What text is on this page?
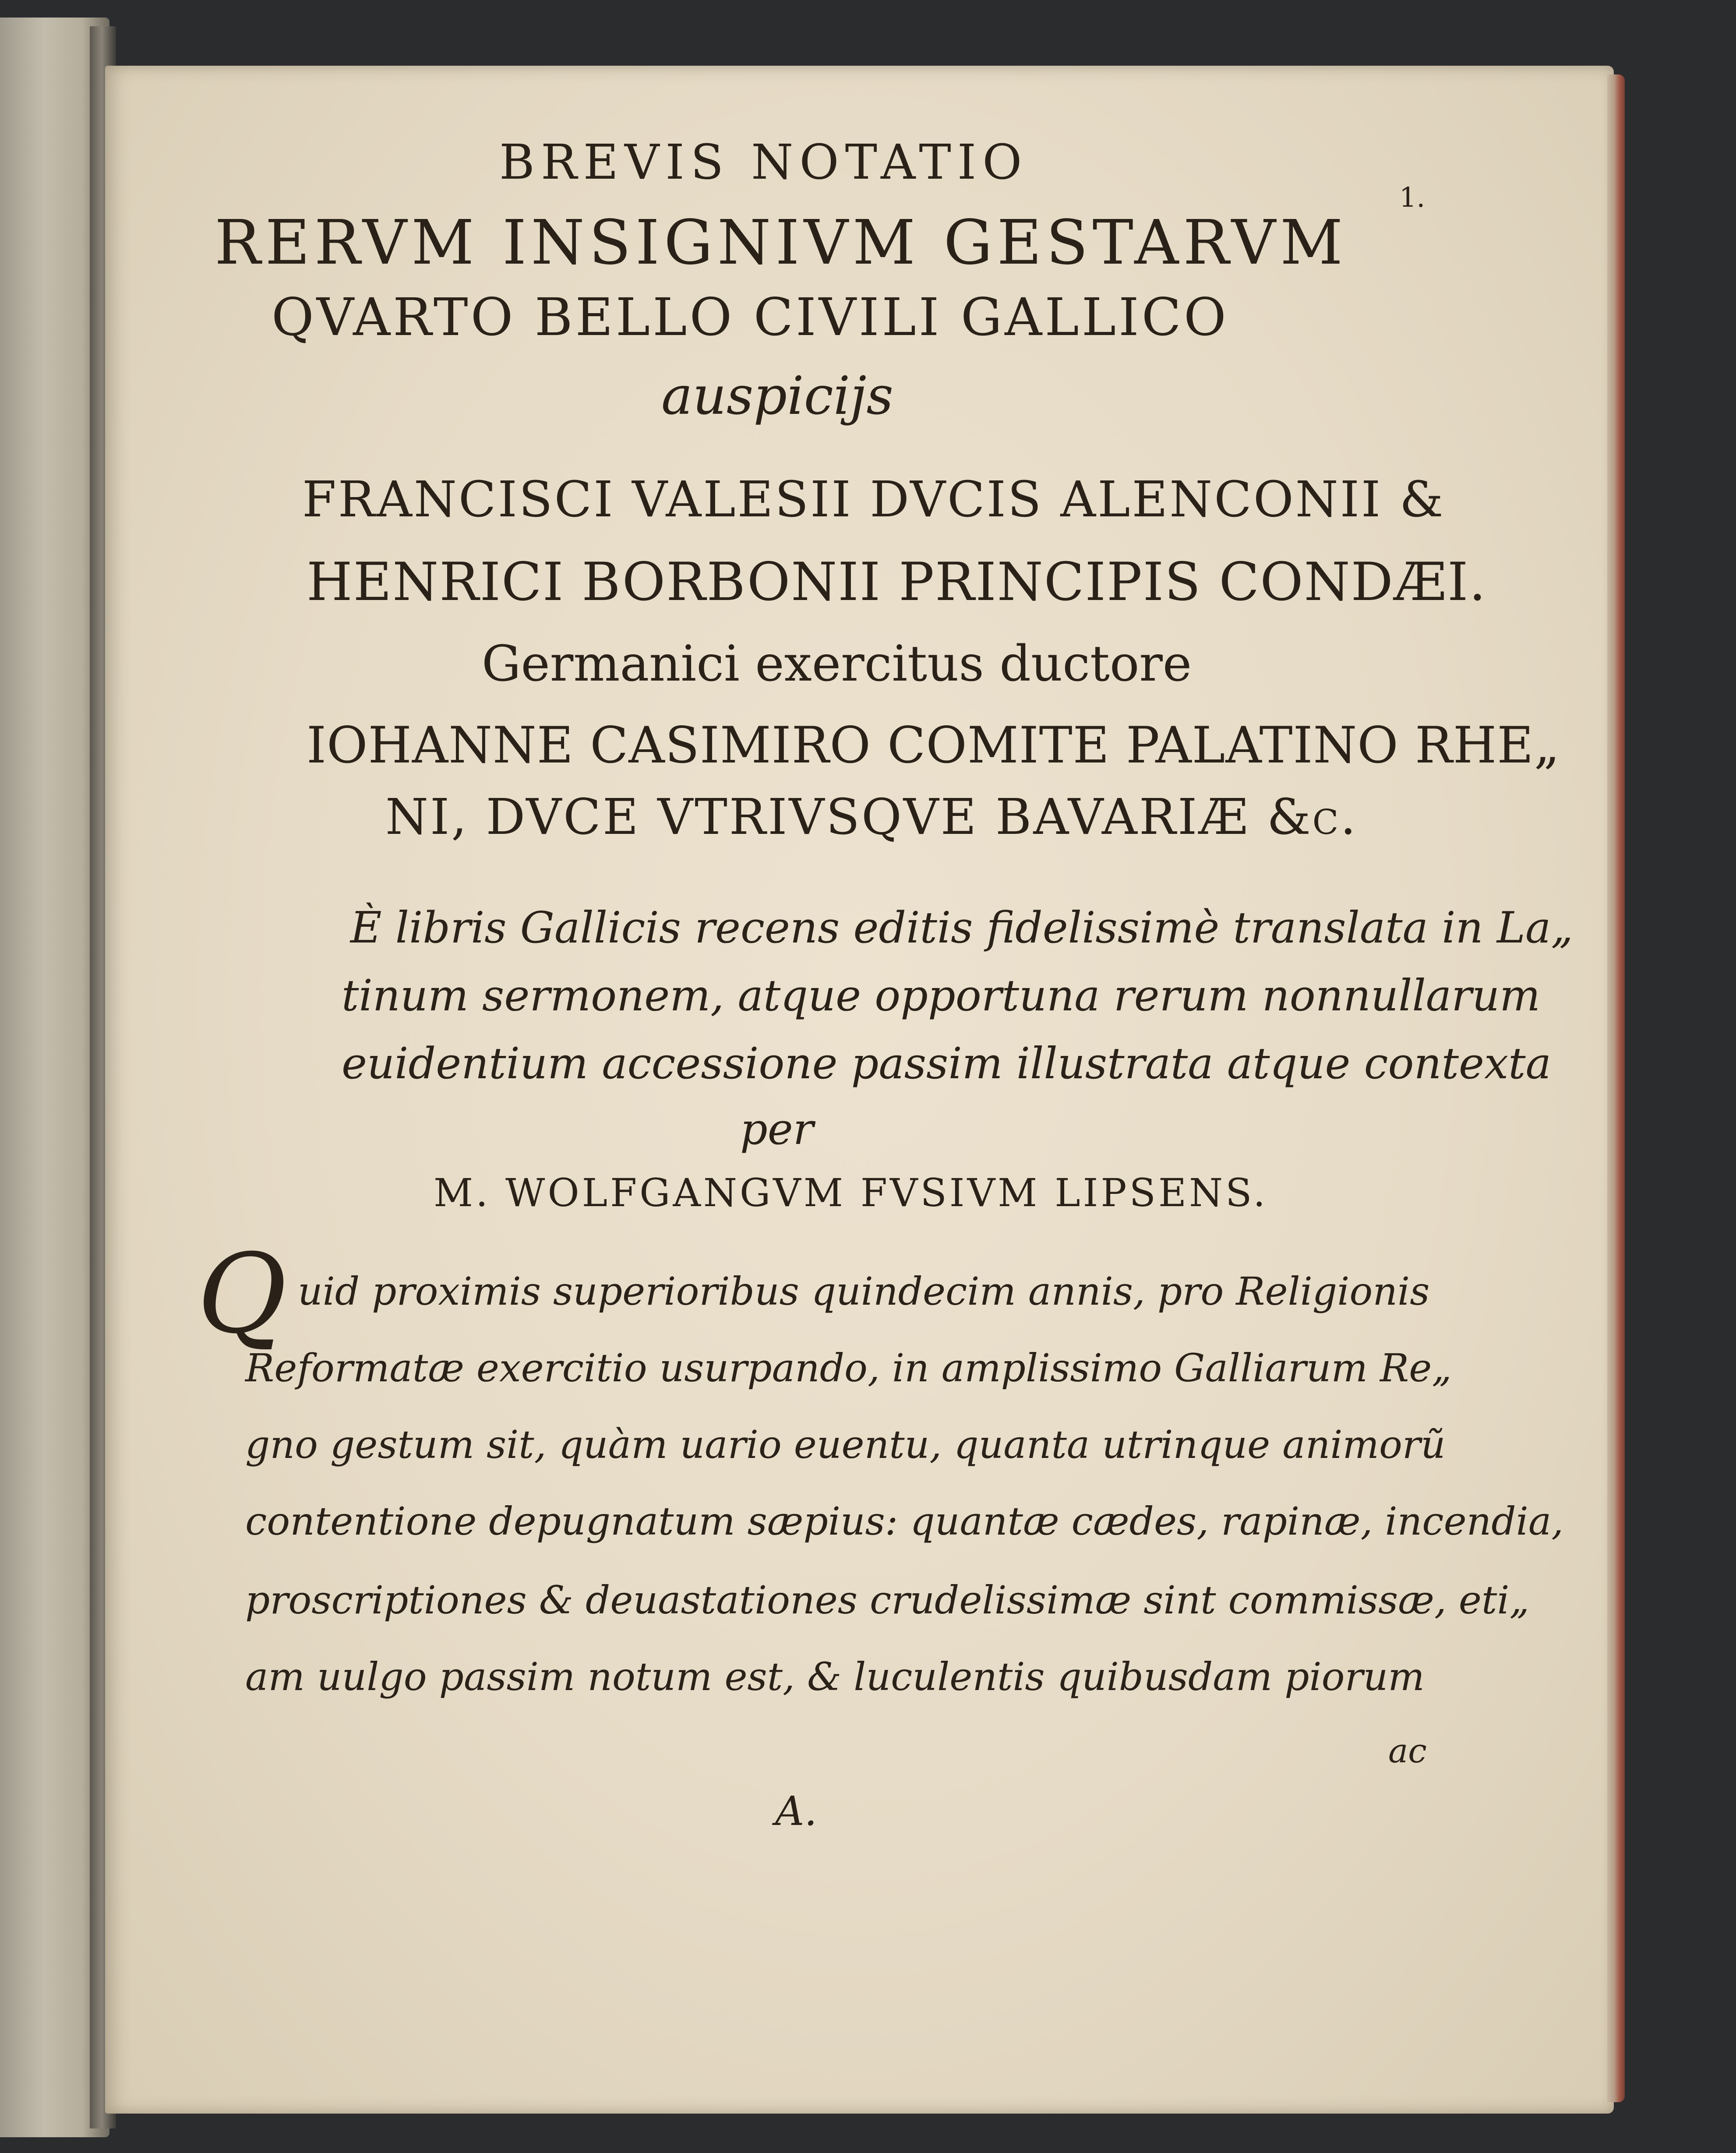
1.
BREVIS NOTATIO
RERVM INSIGNIVM GESTARVM
QVARTO BELLO CIVILI GALLICO
auspicijs
FRANCISCI VALESII DVCIS ALENCONII &
HENRICI BORBONII PRINCIPIS CONDÆI.
Germanici exercitus ductore
IOHANNE CASIMIRO COMITE PALATINO RHE„
NI, DVCE VTRIVSQVE BAVARIÆ &c.
È libris Gallicis recens editis fidelissimè translata in La„
tinum sermonem, atque opportuna rerum nonnullarum
euidentium accessione passim illustrata atque contexta
per
M. WOLFGANGVM FVSIVM LIPSENS.
Q uid proximis superioribus quindecim annis, pro Religionis
Reformatæ exercitio usurpando, in amplissimo Galliarum Re„
gno gestum sit, quàm uario euentu, quanta utrinque animorũ
contentione depugnatum sæpius: quantæ cædes, rapinæ, incendia,
proscriptiones & deuastationes crudelissimæ sint commissæ, eti„
am uulgo passim notum est, & luculentis quibusdam piorum
ac
A.
